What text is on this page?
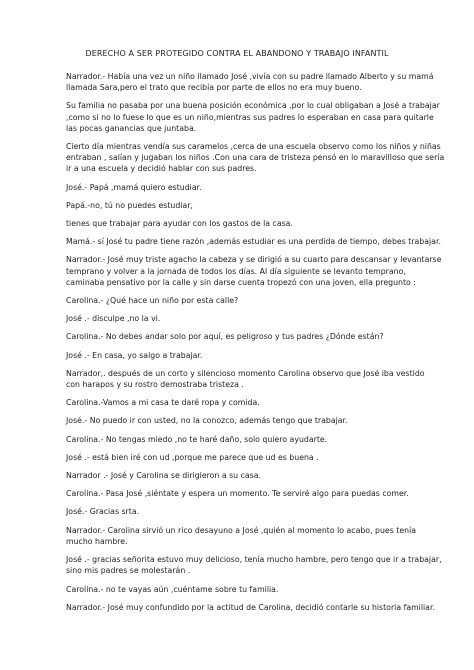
DERECHO A SER PROTEGIDO CONTRA EL ABANDONO Y TRABAJO INFANTIL
Narrador.- Había una vez un niño llamado José ,vivía con su padre llamado Alberto y su mamá
llamada Sara,pero el trato que recibía por parte de ellos no era muy bueno.
Su familia no pasaba por una buena posición económica ,por lo cual obligaban a José a trabajar
,como si no lo fuese lo que es un niño,mientras sus padres lo esperaban en casa para quitarle
las pocas ganancias que juntaba.
Cierto día mientras vendía sus caramelos ,cerca de una escuela observo como los niños y niñas
entraban , salían y jugaban los niños .Con una cara de tristeza pensó en lo maravilloso que sería
ir a una escuela y decidió hablar con sus padres.
José.- Papá ,mamá quiero estudiar.
Papá.-no, tú no puedes estudiar,
tienes que trabajar para ayudar con los gastos de la casa.
Mamá.- sí José tu padre tiene razón ,además estudiar es una perdida de tiempo, debes trabajar.
Narrador.- José muy triste agacho la cabeza y se dirigió a su cuarto para descansar y levantarse
temprano y volver a la jornada de todos los días. Al día siguiente se levanto temprano,
caminaba pensativo por la calle y sin darse cuenta tropezó con una joven, ella pregunto :
Carolina.- ¿Qué hace un niño por esta calle?
José .- disculpe ,no la vi.
Carolina.- No debes andar solo por aquí, es peligroso y tus padres ¿Dónde están?
José .- En casa, yo salgo a trabajar.
Narrador,. después de un corto y silencioso momento Carolina observo que José iba vestido
con harapos y su rostro demostraba tristeza .
Carolina.-Vamos a mi casa te daré ropa y comida.
José.- No puedo ir con usted, no la conozco, además tengo que trabajar.
Carolina.- No tengas miedo ,no te haré daño, solo quiero ayudarte.
José .- está bien iré con ud ,porque me parece que ud es buena .
Narrador .- José y Carolina se dirigieron a su casa.
Carolina.- Pasa José ,siéntate y espera un momento. Te serviré algo para puedas comer.
José.- Gracias srta.
Narrador.- Carolina sirvió un rico desayuno a José ,quién al momento lo acabo, pues tenía
mucho hambre.
José .- gracias señorita estuvo muy delicioso, tenía mucho hambre, pero tengo que ir a trabajar,
sino mis padres se molestarán .
Carolina.- no te vayas aún ,cuéntame sobre tu familia.
Narrador.- José muy confundido por la actitud de Carolina, decidió contarle su historia familiar.
